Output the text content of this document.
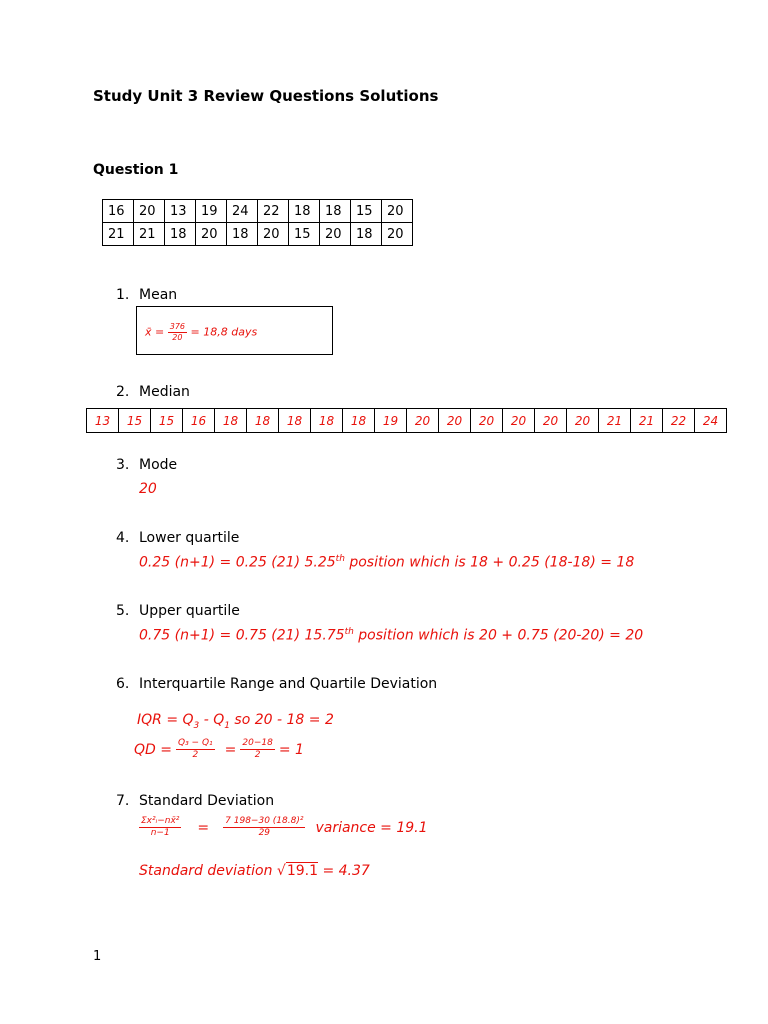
Study Unit 3 Review Questions Solutions
Question 1
16	20	13	19	24	22	18	18	15	20
21	21	18	20	18	20	15	20	18	20
1. Mean
x̄ = $\frac{376}{20} = 18,8$ days
2. Median
13	15	15	16	18	18	18	18	18	19	20	20	20	20	20	20	21	21	22	24
3. Mode
20
4. Lower quartile
0.25 (n+1) = 0.25 (21) 5.25th position which is 18 + 0.25 (18-18) = 18
5. Upper quartile
0.75 (n+1) = 0.75 (21) 15.75th position which is 20 + 0.75 (20-20) = 20
6. Interquartile Range and Quartile Deviation
IQR = $Q_3 - Q_1$ so 20 - 18 = 2
QD = $\frac{\text{Q₃ − Q₁}}{2} = \frac{20-18}{2} = 1$
7. Standard Deviation
$\frac{\text{Σx²ᵢ−nx̄²}}{n-1} = \frac{\text{7 198−30 (18.8)²}}{29}$ variance = 19.1
Standard deviation √19.1 = 4.37
1
